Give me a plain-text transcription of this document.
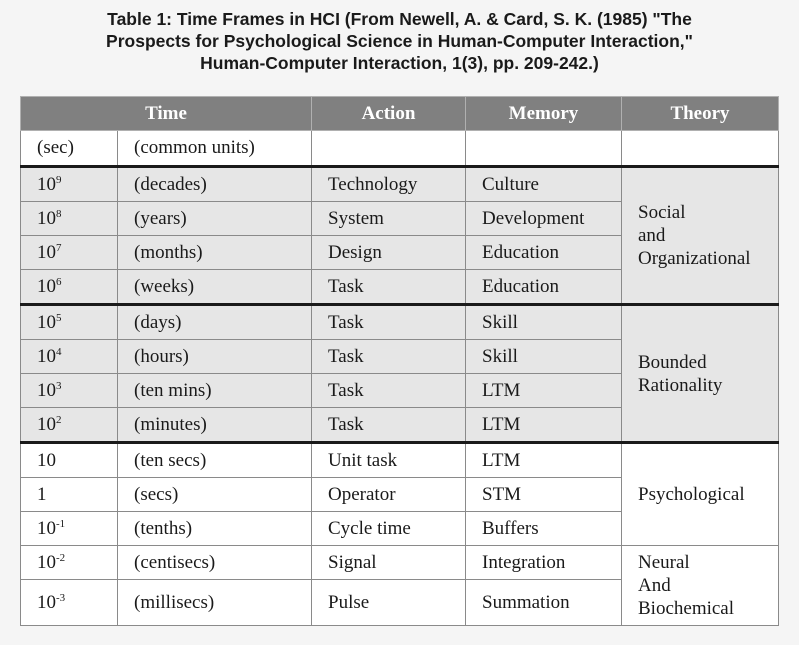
Table 1: Time Frames in HCI (From Newell, A. & Card, S. K. (1985) "The
Prospects for Psychological Science in Human-Computer Interaction,"
Human-Computer Interaction, 1(3), pp. 209-242.)
Time		Action	Memory	Theory
(sec)	(common units)			
$10^9$	(decades)	Technology	Culture	Social
and
Organizational

$10^8$	(years)	System	Development	
$10^7$	(months)	Design	Education	
$10^6$	(weeks)	Task	Education	
$10^5$	(days)	Task	Skill	Bounded
Rationality

$10^4$	(hours)	Task	Skill	
$10^3$	(ten mins)	Task	LTM	
$10^2$	(minutes)	Task	LTM	
10	(ten secs)	Unit task	LTM	Psychological

1	(secs)	Operator	STM	
$10^{-1}$	(tenths)	Cycle time	Buffers	
$10^{-2}$	(centisecs)	Signal	Integration	Neural
And
Biochemical

$10^{-3}$	(millisecs)	Pulse	Summation	
